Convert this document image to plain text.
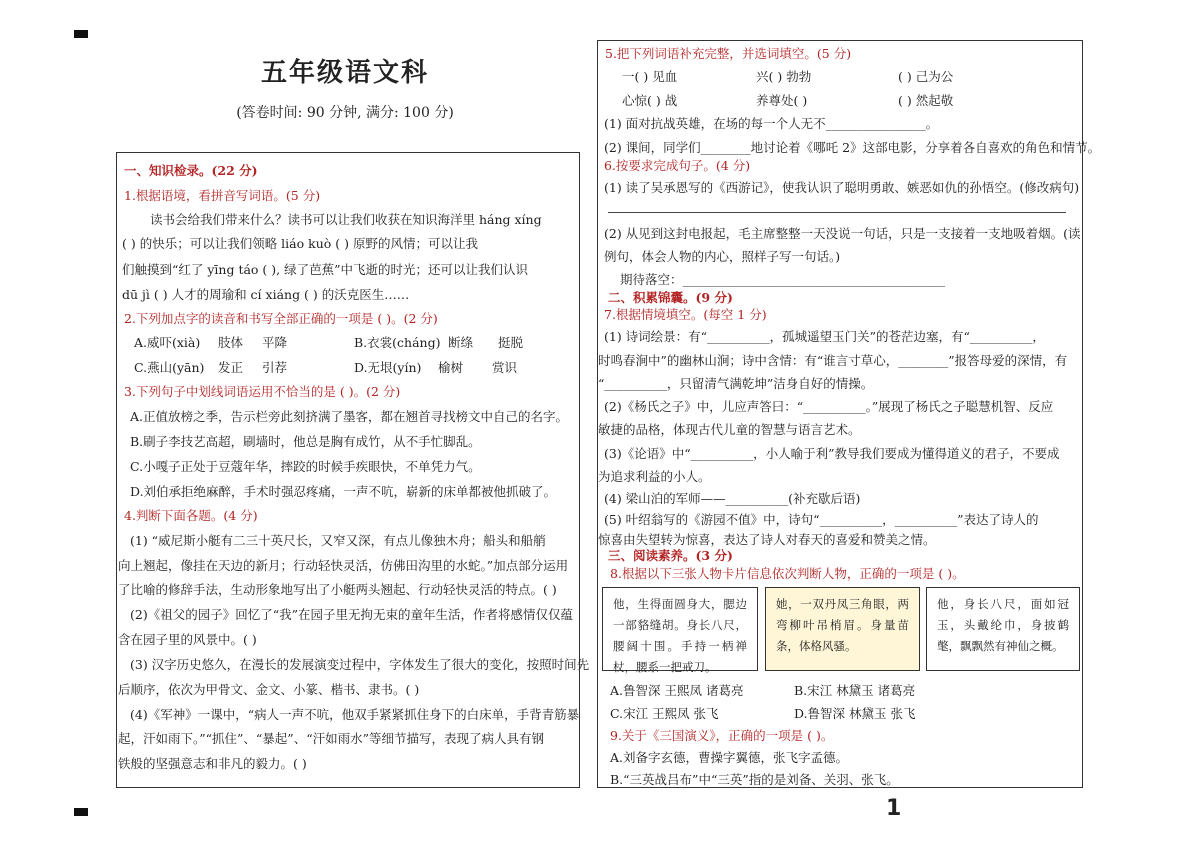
五年级语文科
(答卷时间: 90 分钟, 满分: 100 分)
一、知识检录。(22 分)
1.根据语境，看拼音写词语。(5 分)
读书会给我们带来什么？读书可以让我们收获在知识海洋里 háng xíng
( ) 的快乐；可以让我们领略 liáo kuò ( ) 原野的风情；可以让我
们触摸到“红了 yīng táo ( ), 绿了芭蕉”中飞逝的时光；还可以让我们认识
dū jì ( ) 人才的周瑜和 cí xiáng ( ) 的沃克医生……
2.下列加点字的读音和书写全部正确的一项是 ( )。(2 分)
A.威吓(xià) 肢体 平降	B.衣裳(cháng) 断绦 挺脱
C.燕山(yān) 发正 引荐	D.无垠(yín) 榆树 赏识
3.下列句子中划线词语运用不恰当的是 ( )。(2 分)
A.正值放榜之季，告示栏旁此刻挤满了墨客，都在翘首寻找榜文中自己的名字。
B.刷子李技艺高超，刷墙时，他总是胸有成竹，从不手忙脚乱。
C.小嘎子正处于豆蔻年华，摔跤的时候手疾眼快，不单凭力气。
D.刘伯承拒绝麻醉，手术时强忍疼痛，一声不吭，崭新的床单都被他抓破了。
4.判断下面各题。(4 分)
(1) “威尼斯小艇有二三十英尺长，又窄又深，有点儿像独木舟；船头和船艄
向上翘起，像挂在天边的新月；行动轻快灵活，仿佛田沟里的水蛇。”加点部分运用
了比喻的修辞手法，生动形象地写出了小艇两头翘起、行动轻快灵活的特点。( )
(2)《祖父的园子》回忆了“我”在园子里无拘无束的童年生活，作者将感情仅仅蕴
含在园子里的风景中。( )
(3) 汉字历史悠久，在漫长的发展演变过程中，字体发生了很大的变化，按照时间先
后顺序，依次为甲骨文、金文、小篆、楷书、隶书。( )
(4)《军神》一课中，“病人一声不吭，他双手紧紧抓住身下的白床单，手背青筋暴
起，汗如雨下。”“抓住”、“暴起”、“汗如雨水”等细节描写，表现了病人具有钢
铁般的坚强意志和非凡的毅力。( )
5.把下列词语补充完整，并选词填空。(5 分)
一( ) 见血	兴( ) 勃勃	( ) 己为公
心惊( ) 战	养尊处( )	( ) 然起敬
(1) 面对抗战英雄，在场的每一个人无不________________。
(2) 课间，同学们________地讨论着《哪吒 2》这部电影，分享着各自喜欢的角色和情节。
6.按要求完成句子。(4 分)
(1) 读了吴承恩写的《西游记》，使我认识了聪明勇敢、嫉恶如仇的孙悟空。(修改病句)
(2) 从见到这封电报起，毛主席整整一天没说一句话，只是一支接着一支地吸着烟。(读
例句，体会人物的内心，照样子写一句话。)
期待落空：__________________________________________
二、积累锦囊。(9 分)
7.根据情境填空。(每空 1 分)
(1) 诗词绘景：有“__________，孤城遥望玉门关”的苍茫边塞，有“__________，
时鸣春涧中”的幽林山涧；诗中含情：有“谁言寸草心，________”报答母爱的深情，有
“__________，只留清气满乾坤”洁身自好的情操。
(2)《杨氏之子》中，儿应声答曰：“__________。”展现了杨氏之子聪慧机智、反应
敏捷的品格，体现古代儿童的智慧与语言艺术。
(3)《论语》中“__________，小人喻于利”教导我们要成为懂得道义的君子，不要成
为追求利益的小人。
(4) 梁山泊的军师——__________(补充歇后语)
(5) 叶绍翁写的《游园不值》中，诗句“__________，__________”表达了诗人的
惊喜由失望转为惊喜，表达了诗人对春天的喜爱和赞美之情。
三、阅读素养。(3 分)
8.根据以下三张人物卡片信息依次判断人物，正确的一项是 ( )。
他，生得面圆身大，腮边一部貉缝胡。身长八尺，腰阔十围。手持一柄禅杖，腰系一把戒刀。
她，一双丹凤三角眼，两弯柳叶吊梢眉。身量苗条，体格风骚。
他，身长八尺，面如冠玉，头戴纶巾，身披鹤氅，飘飘然有神仙之概。
A.鲁智深 王熙凤 诸葛亮	B.宋江 林黛玉 诸葛亮
C.宋江 王熙凤 张飞	D.鲁智深 林黛玉 张飞
9.关于《三国演义》，正确的一项是 ( )。
A.刘备字玄德，曹操字翼德，张飞字孟德。
B.“三英战吕布”中“三英”指的是刘备、关羽、张飞。
1
